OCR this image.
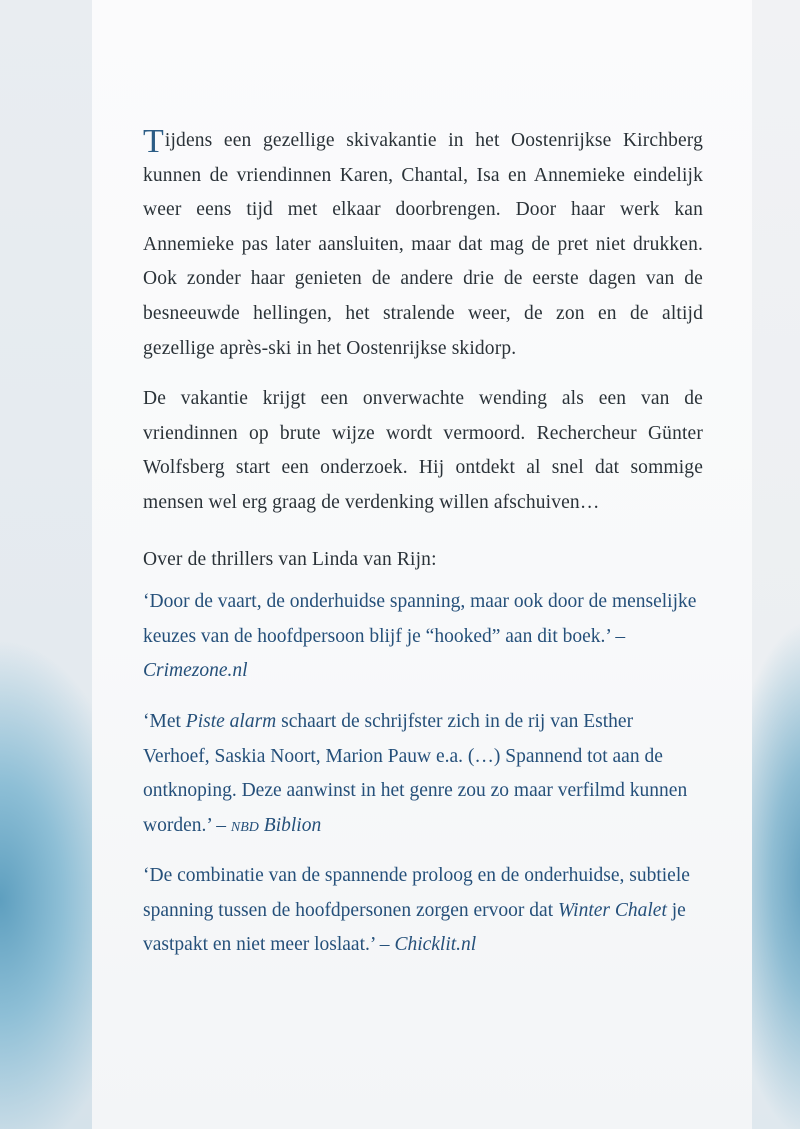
Tijdens een gezellige skivakantie in het Oostenrijkse Kirchberg kunnen de vriendinnen Karen, Chantal, Isa en Annemieke eindelijk weer eens tijd met elkaar doorbrengen. Door haar werk kan Annemieke pas later aansluiten, maar dat mag de pret niet drukken. Ook zonder haar genieten de andere drie de eerste dagen van de besneeuwde hellingen, het stralende weer, de zon en de altijd gezellige après-ski in het Oostenrijkse skidorp.

De vakantie krijgt een onverwachte wending als een van de vriendinnen op brute wijze wordt vermoord. Rechercheur Günter Wolfsberg start een onderzoek. Hij ontdekt al snel dat sommige mensen wel erg graag de verdenking willen afschuiven…

Over de thrillers van Linda van Rijn:

‘Door de vaart, de onderhuidse spanning, maar ook door de menselijke keuzes van de hoofdpersoon blijf je “hooked” aan dit boek.’ – Crimezone.nl
‘Met Piste alarm schaart de schrijfster zich in de rij van Esther Verhoef, Saskia Noort, Marion Pauw e.a. (…) Spannend tot aan de ontknoping. Deze aanwinst in het genre zou zo maar verfilmd kunnen worden.’ – nbd Biblion
‘De combinatie van de spannende proloog en de onderhuidse, subtiele spanning tussen de hoofdpersonen zorgen ervoor dat Winter Chalet je vastpakt en niet meer loslaat.’ – Chicklit.nl
